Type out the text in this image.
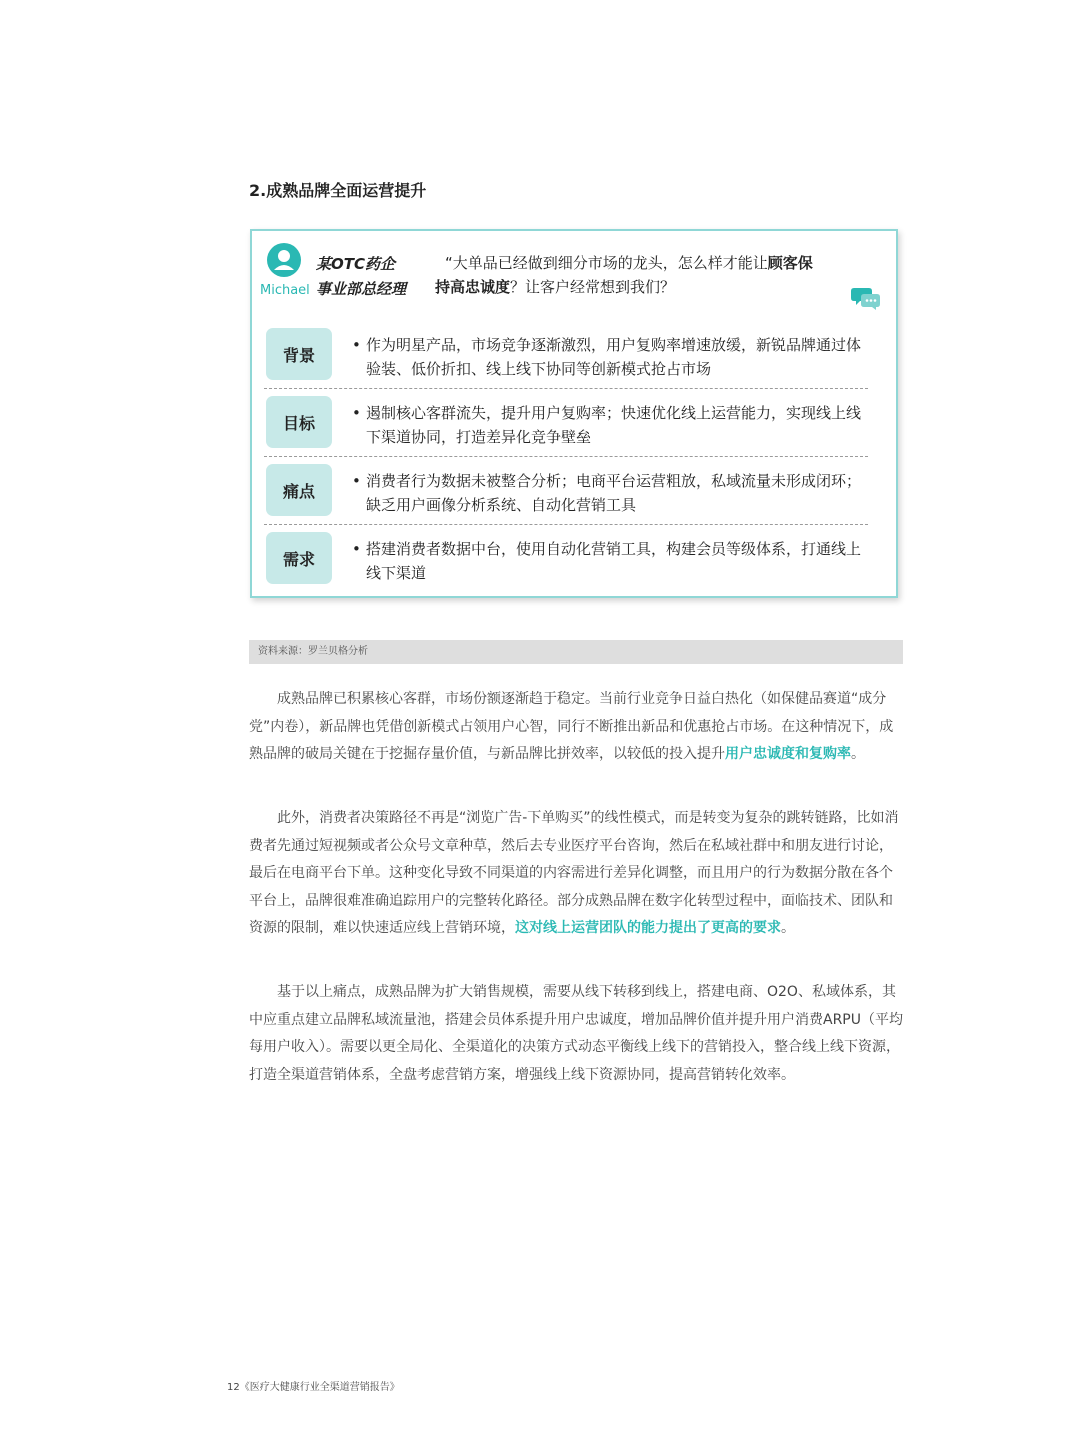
2.成熟品牌全面运营提升
Michael
某OTC药企
事业部总经理
“大单品已经做到细分市场的龙头，怎么样才能让顾客保
持高忠诚度？让客户经常想到我们？
背景
• 作为明星产品，市场竞争逐渐激烈，用户复购率增速放缓，新锐品牌通过体验装、低价折扣、线上线下协同等创新模式抢占市场
目标
• 遏制核心客群流失，提升用户复购率；快速优化线上运营能力，实现线上线下渠道协同，打造差异化竞争壁垒
痛点
• 消费者行为数据未被整合分析；电商平台运营粗放，私域流量未形成闭环；缺乏用户画像分析系统、自动化营销工具
需求
• 搭建消费者数据中台，使用自动化营销工具，构建会员等级体系，打通线上线下渠道
资料来源：罗兰贝格分析

成熟品牌已积累核心客群，市场份额逐渐趋于稳定。当前行业竞争日益白热化（如保健品赛道“成分党”内卷），新品牌也凭借创新模式占领用户心智，同行不断推出新品和优惠抢占市场。在这种情况下，成熟品牌的破局关键在于挖掘存量价值，与新品牌比拼效率，以较低的投入提升用户忠诚度和复购率。

此外，消费者决策路径不再是“浏览广告-下单购买”的线性模式，而是转变为复杂的跳转链路，比如消费者先通过短视频或者公众号文章种草，然后去专业医疗平台咨询，然后在私域社群中和朋友进行讨论，最后在电商平台下单。这种变化导致不同渠道的内容需进行差异化调整，而且用户的行为数据分散在各个平台上，品牌很难准确追踪用户的完整转化路径。部分成熟品牌在数字化转型过程中，面临技术、团队和资源的限制，难以快速适应线上营销环境，这对线上运营团队的能力提出了更高的要求。

基于以上痛点，成熟品牌为扩大销售规模，需要从线下转移到线上，搭建电商、O2O、私域体系，其中应重点建立品牌私域流量池，搭建会员体系提升用户忠诚度，增加品牌价值并提升用户消费ARPU（平均每用户收入）。需要以更全局化、全渠道化的决策方式动态平衡线上线下的营销投入，整合线上线下资源，打造全渠道营销体系，全盘考虑营销方案，增强线上线下资源协同，提高营销转化效率。

12《医疗大健康行业全渠道营销报告》
